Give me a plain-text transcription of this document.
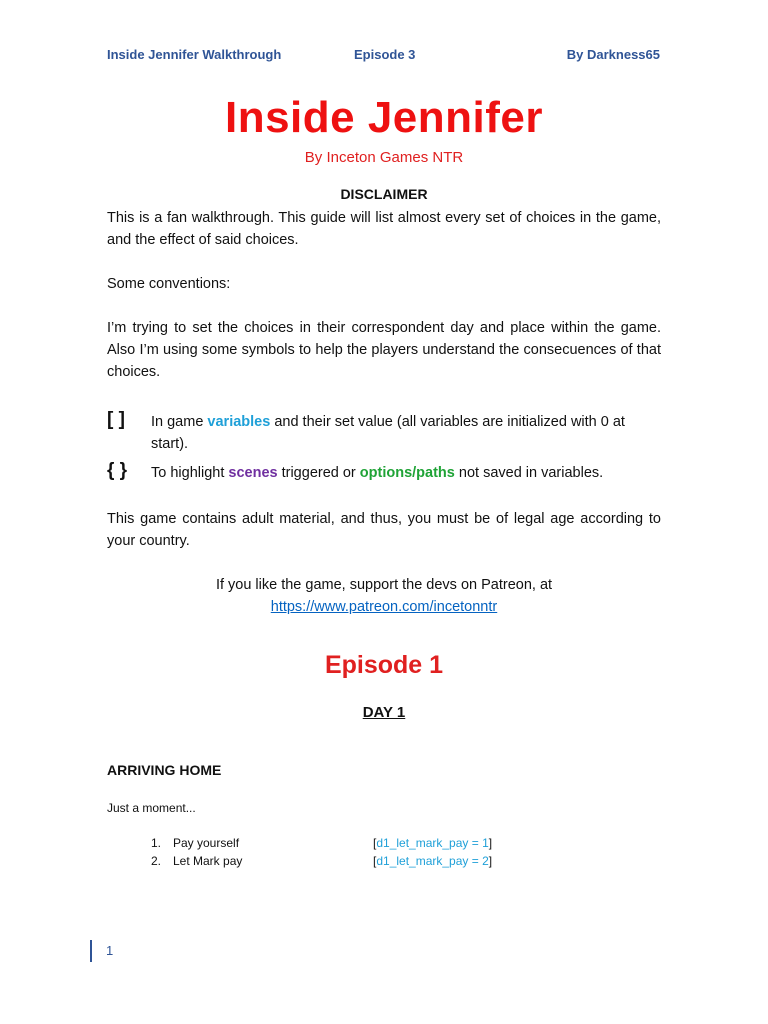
Inside Jennifer Walkthrough	Episode 3	By Darkness65
Inside Jennifer
By Inceton Games NTR
DISCLAIMER
This is a fan walkthrough. This guide will list almost every set of choices in the game, and the effect of said choices.
Some conventions:
I’m trying to set the choices in their correspondent day and place within the game. Also I’m using some symbols to help the players understand the consecuences of that choices.
[ ] In game variables and their set value (all variables are initialized with 0 at start).
{ } To highlight scenes triggered or options/paths not saved in variables.
This game contains adult material, and thus, you must be of legal age according to your country.
If you like the game, support the devs on Patreon, at
https://www.patreon.com/incetonntr
Episode 1
DAY 1
ARRIVING HOME
Just a moment...
1. Pay yourself	[d1_let_mark_pay = 1]
2. Let Mark pay	[d1_let_mark_pay = 2]
1
